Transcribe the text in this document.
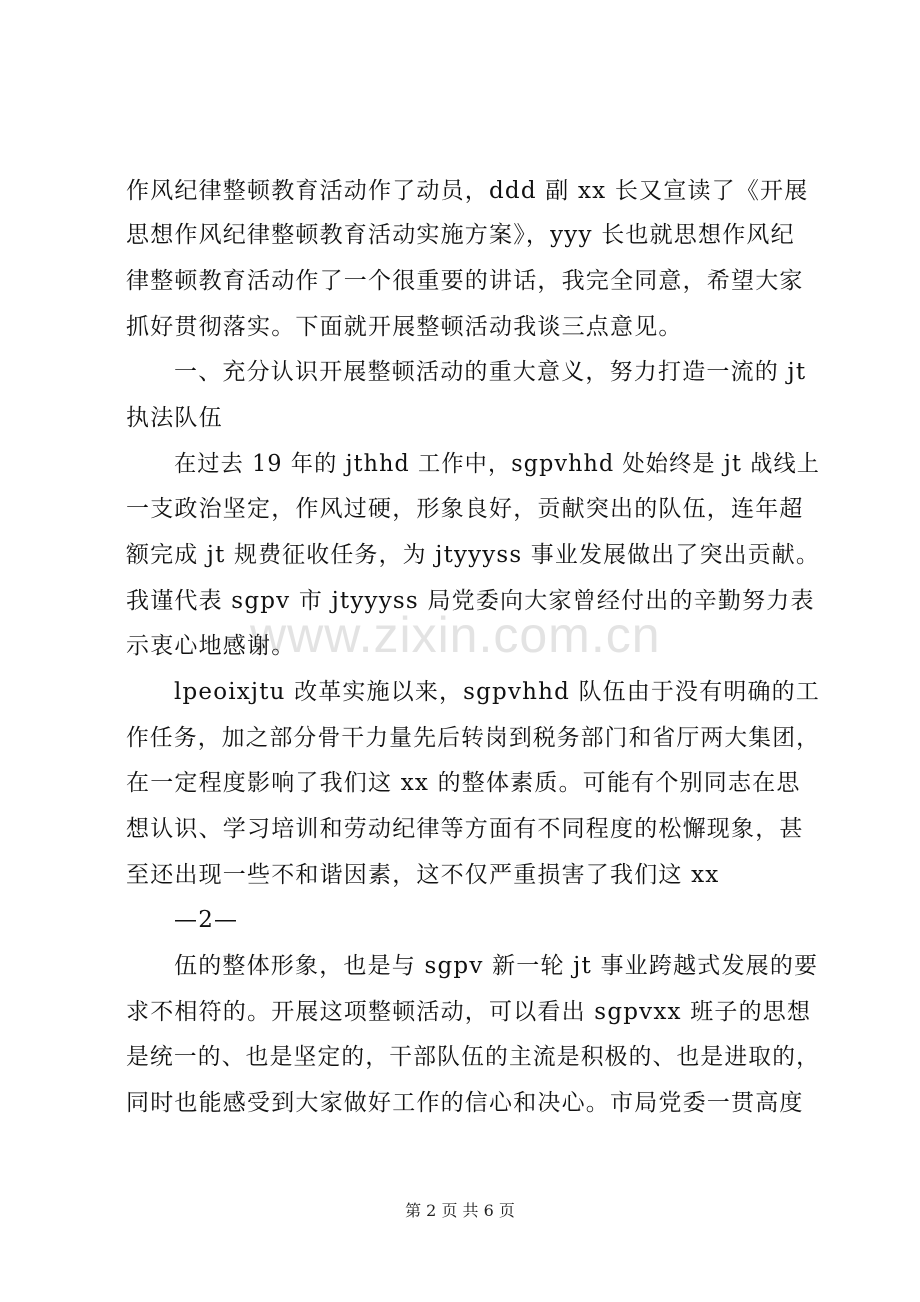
www.zixin.com.cn
作风纪律整顿教育活动作了动员，ddd 副 xx 长又宣读了《开展
思想作风纪律整顿教育活动实施方案》，yyy 长也就思想作风纪
律整顿教育活动作了一个很重要的讲话，我完全同意，希望大家
抓好贯彻落实。下面就开展整顿活动我谈三点意见。
一、充分认识开展整顿活动的重大意义，努力打造一流的 jt
执法队伍
在过去 19 年的 jthhd 工作中，sgpvhhd 处始终是 jt 战线上
一支政治坚定，作风过硬，形象良好，贡献突出的队伍，连年超
额完成 jt 规费征收任务，为 jtyyyss 事业发展做出了突出贡献。
我谨代表 sgpv 市 jtyyyss 局党委向大家曾经付出的辛勤努力表
示衷心地感谢。
lpeoixjtu 改革实施以来，sgpvhhd 队伍由于没有明确的工
作任务，加之部分骨干力量先后转岗到税务部门和省厅两大集团，
在一定程度影响了我们这 xx 的整体素质。可能有个别同志在思
想认识、学习培训和劳动纪律等方面有不同程度的松懈现象，甚
至还出现一些不和谐因素，这不仅严重损害了我们这 xx
—2—
伍的整体形象，也是与 sgpv 新一轮 jt 事业跨越式发展的要
求不相符的。开展这项整顿活动，可以看出 sgpvxx 班子的思想
是统一的、也是坚定的，干部队伍的主流是积极的、也是进取的，
同时也能感受到大家做好工作的信心和决心。市局党委一贯高度
第 2 页 共 6 页
